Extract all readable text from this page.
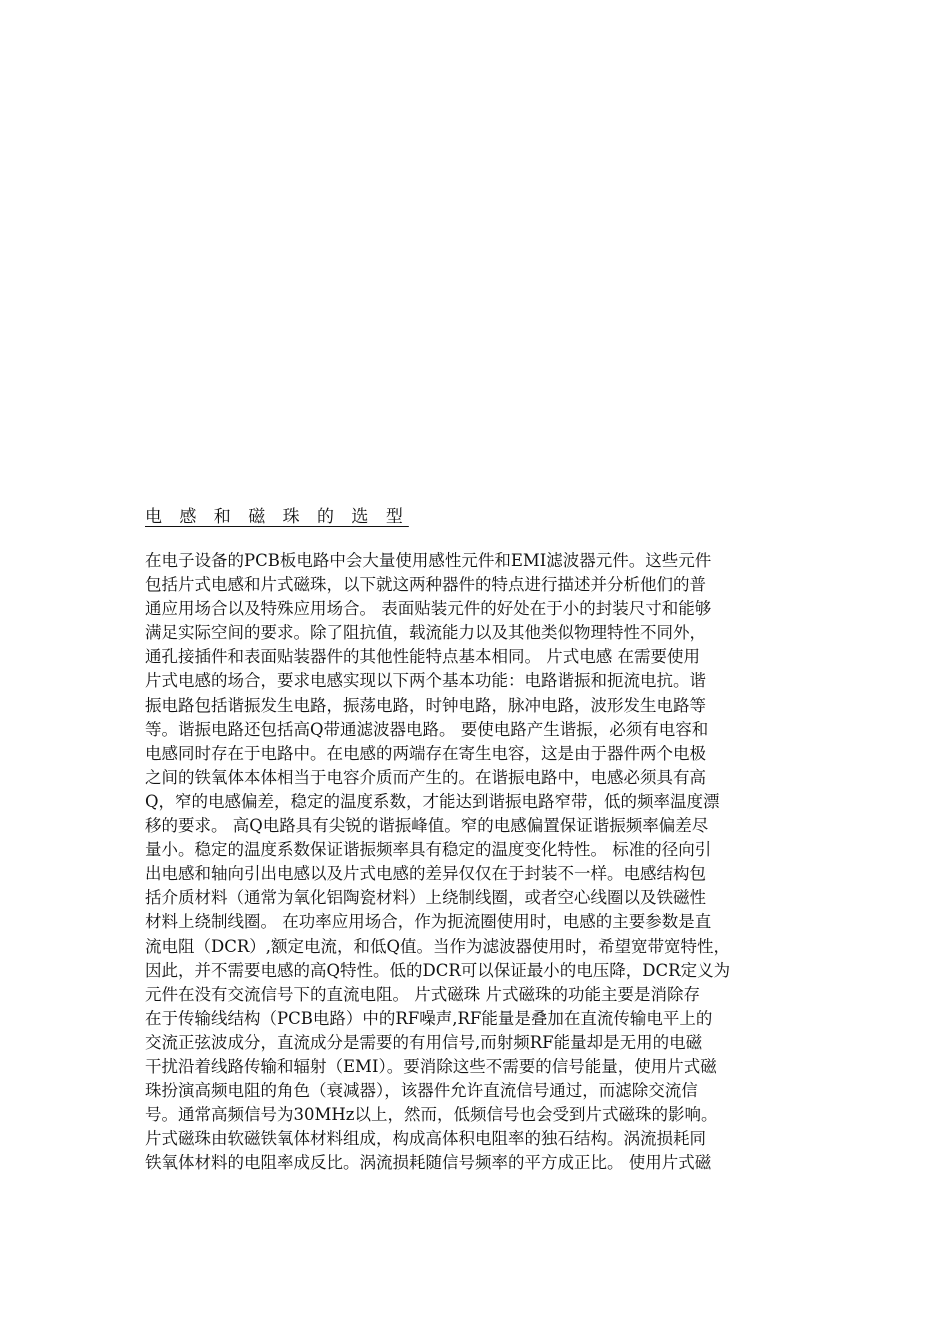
电 感 和 磁 珠 的 选 型
在电子设备的PCB板电路中会大量使用感性元件和EMI滤波器元件。这些元件
包括片式电感和片式磁珠，以下就这两种器件的特点进行描述并分析他们的普
通应用场合以及特殊应用场合。 表面贴装元件的好处在于小的封装尺寸和能够
满足实际空间的要求。除了阻抗值，载流能力以及其他类似物理特性不同外，
通孔接插件和表面贴装器件的其他性能特点基本相同。 片式电感 在需要使用
片式电感的场合，要求电感实现以下两个基本功能：电路谐振和扼流电抗。谐
振电路包括谐振发生电路，振荡电路，时钟电路，脉冲电路，波形发生电路等
等。谐振电路还包括高Q带通滤波器电路。 要使电路产生谐振，必须有电容和
电感同时存在于电路中。在电感的两端存在寄生电容，这是由于器件两个电极
之间的铁氧体本体相当于电容介质而产生的。在谐振电路中，电感必须具有高
Q，窄的电感偏差，稳定的温度系数，才能达到谐振电路窄带，低的频率温度漂
移的要求。 高Q电路具有尖锐的谐振峰值。窄的电感偏置保证谐振频率偏差尽
量小。稳定的温度系数保证谐振频率具有稳定的温度变化特性。 标准的径向引
出电感和轴向引出电感以及片式电感的差异仅仅在于封装不一样。电感结构包
括介质材料（通常为氧化铝陶瓷材料）上绕制线圈，或者空心线圈以及铁磁性
材料上绕制线圈。 在功率应用场合，作为扼流圈使用时，电感的主要参数是直
流电阻（DCR）,额定电流，和低Q值。当作为滤波器使用时，希望宽带宽特性，
因此，并不需要电感的高Q特性。低的DCR可以保证最小的电压降，DCR定义为
元件在没有交流信号下的直流电阻。 片式磁珠 片式磁珠的功能主要是消除存
在于传输线结构（PCB电路）中的RF噪声,RF能量是叠加在直流传输电平上的
交流正弦波成分，直流成分是需要的有用信号,而射频RF能量却是无用的电磁
干扰沿着线路传输和辐射（EMI）。要消除这些不需要的信号能量，使用片式磁
珠扮演高频电阻的角色（衰减器），该器件允许直流信号通过，而滤除交流信
号。通常高频信号为30MHz以上，然而，低频信号也会受到片式磁珠的影响。
片式磁珠由软磁铁氧体材料组成，构成高体积电阻率的独石结构。涡流损耗同
铁氧体材料的电阻率成反比。涡流损耗随信号频率的平方成正比。 使用片式磁
